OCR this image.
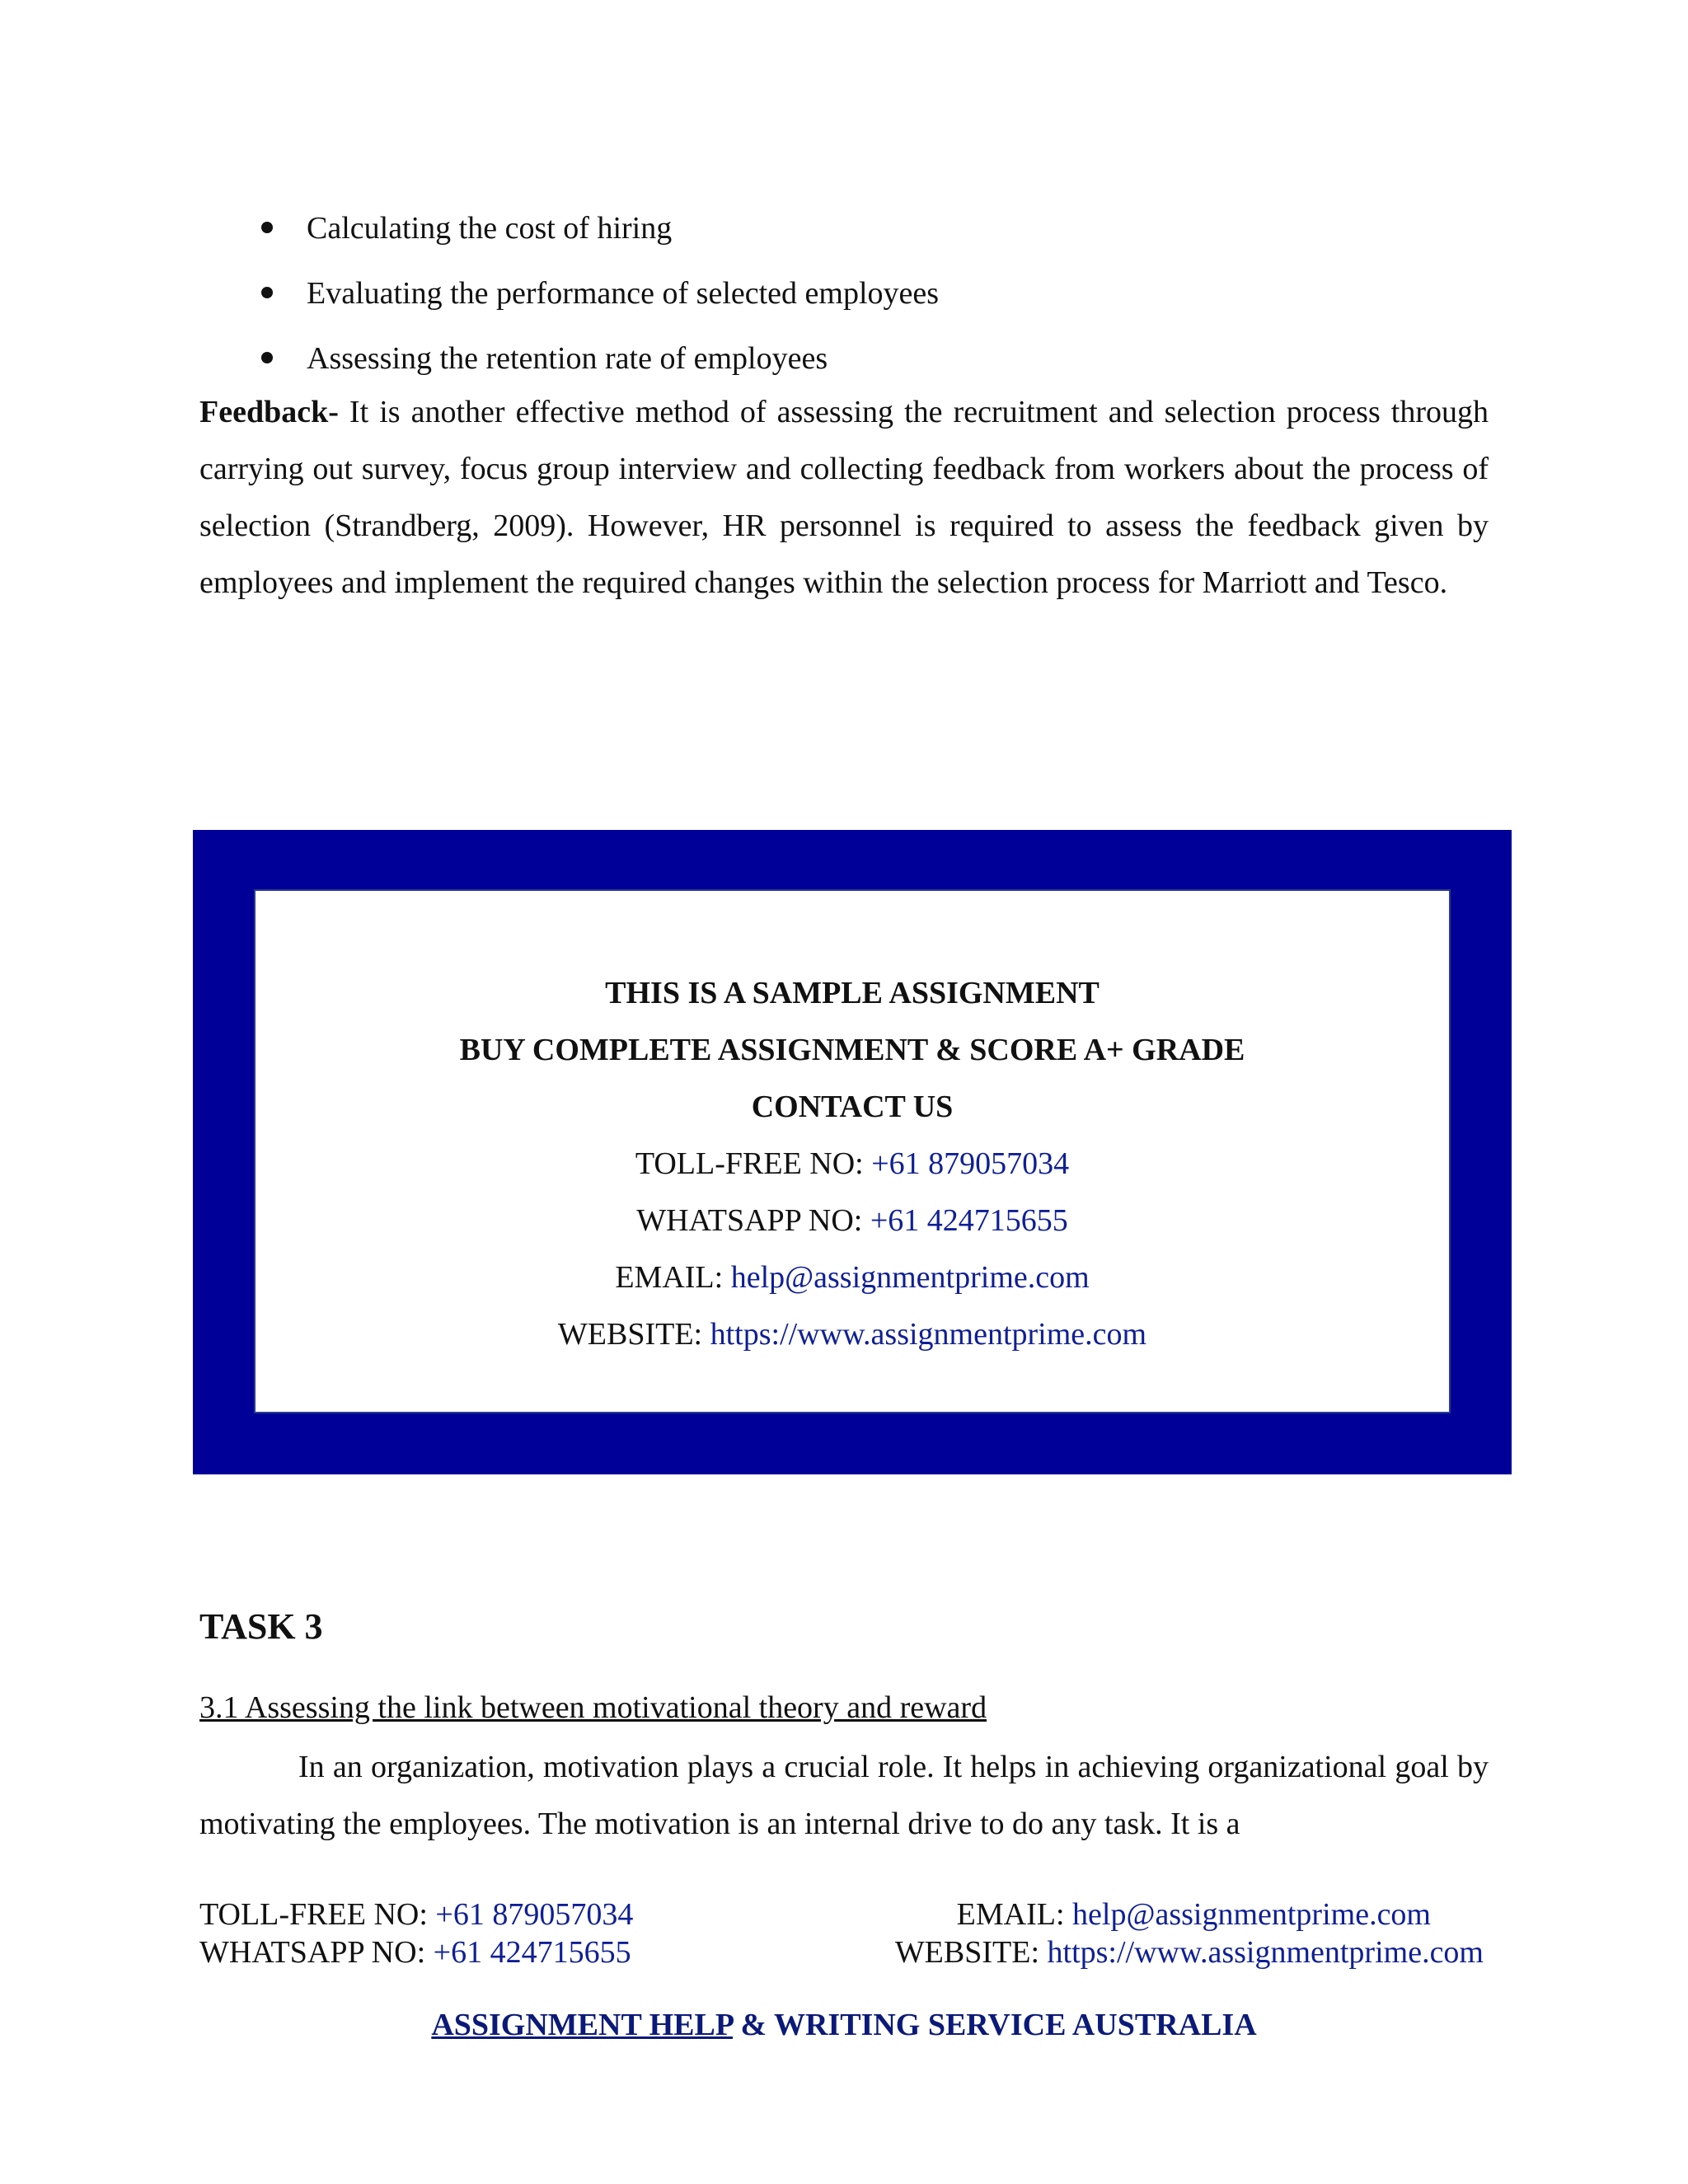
Calculating the cost of hiring
Evaluating the performance of selected employees
Assessing the retention rate of employees

Feedback- It is another effective method of assessing the recruitment and selection process through carrying out survey, focus group interview and collecting feedback from workers about the process of selection (Strandberg, 2009). However, HR personnel is required to assess the feedback given by employees and implement the required changes within the selection process for Marriott and Tesco.

THIS IS A SAMPLE ASSIGNMENT
BUY COMPLETE ASSIGNMENT & SCORE A+ GRADE
CONTACT US
TOLL-FREE NO: +61 879057034
WHATSAPP NO: +61 424715655
EMAIL: help@assignmentprime.com
WEBSITE: https://www.assignmentprime.com
TASK 3

3.1 Assessing the link between motivational theory and reward

In an organization, motivation plays a crucial role. It helps in achieving organizational goal by motivating the employees. The motivation is an internal drive to do any task. It is a

TOLL-FREE NO: +61 879057034
WHATSAPP NO: +61 424715655
EMAIL: help@assignmentprime.com
WEBSITE: https://www.assignmentprime.com
ASSIGNMENT HELP & WRITING SERVICE AUSTRALIA
